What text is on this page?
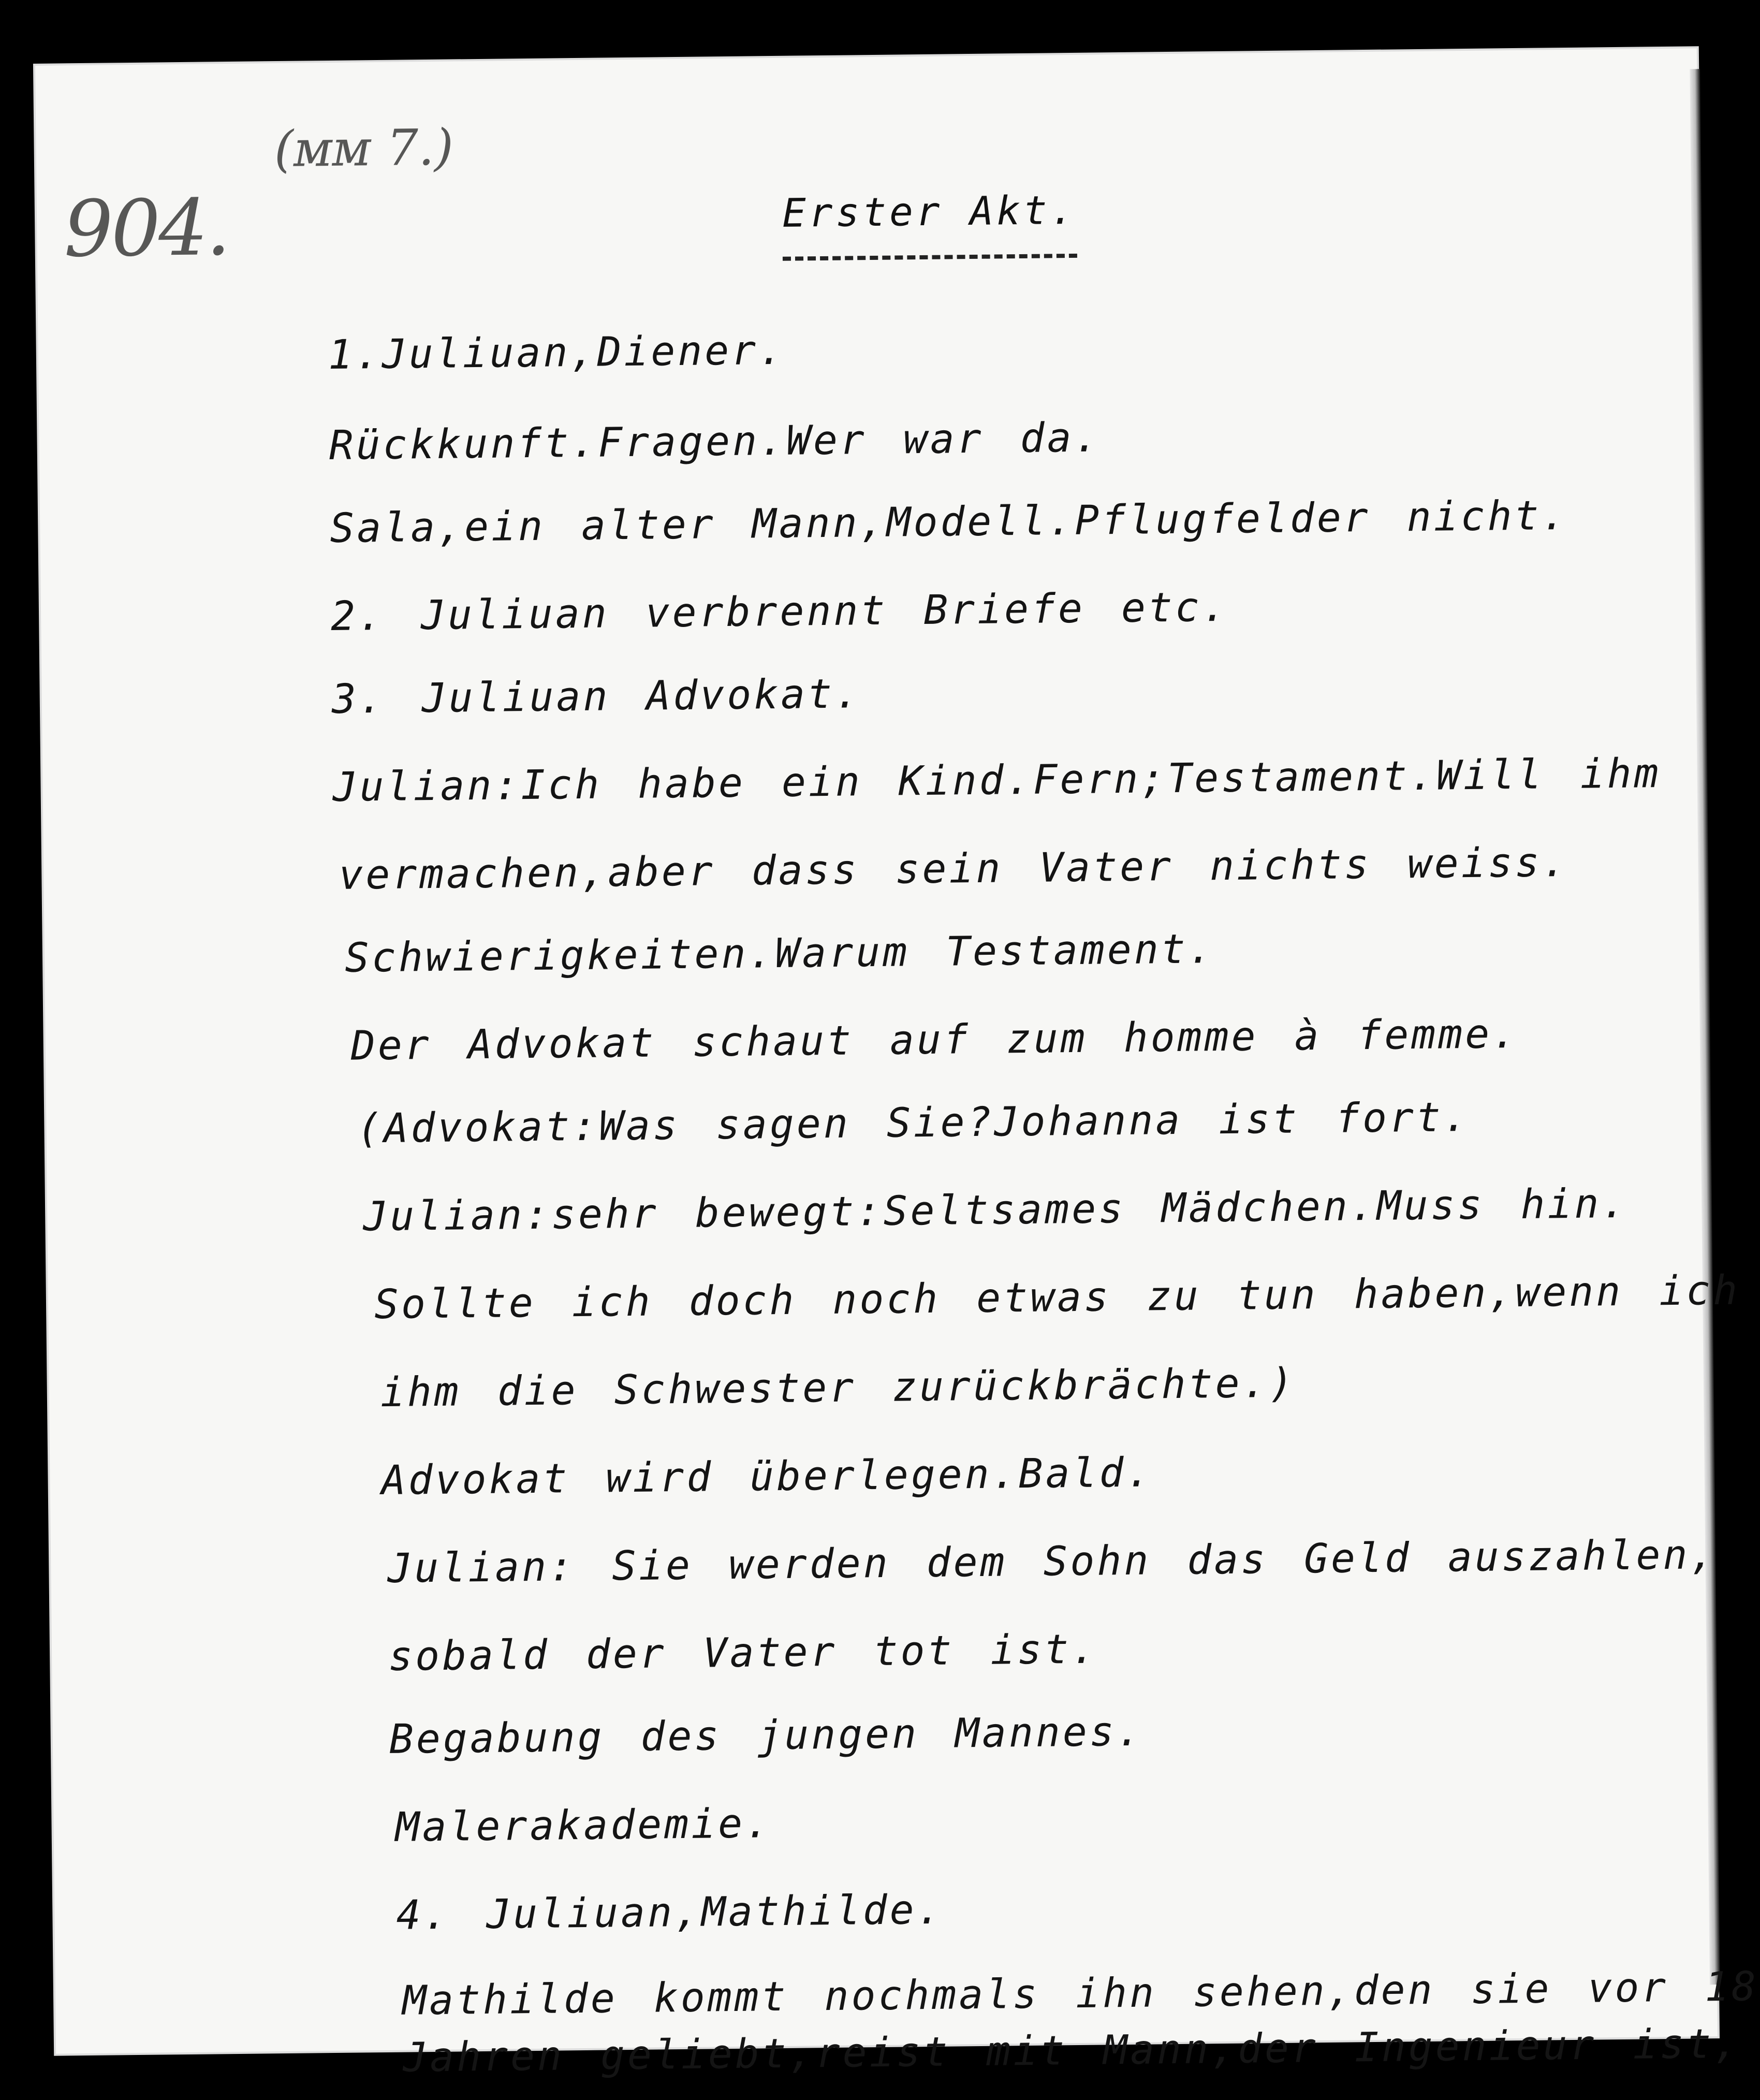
(ᴍᴍ 7.)
904.	Erster Akt.
1.Juliuan,Diener.
Rückkunft.Fragen.Wer war da.
Sala,ein alter Mann,Modell.Pflugfelder nicht.
2. Juliuan verbrennt Briefe etc.
3. Juliuan Advokat.
Julian:Ich habe ein Kind.Fern;Testament.Will ihm
vermachen,aber dass sein Vater nichts weiss.
Schwierigkeiten.Warum Testament.
Der Advokat schaut auf zum homme à femme.
(Advokat:Was sagen Sie?Johanna ist fort.
Julian:sehr bewegt:Seltsames Mädchen.Muss hin.
Sollte ich doch noch etwas zu tun haben,wenn ich
ihm die Schwester zurückbrächte.)
Advokat wird überlegen.Bald.
Julian: Sie werden dem Sohn das Geld auszahlen,
sobald der Vater tot ist.
Begabung des jungen Mannes.
Malerakademie.
4. Juliuan,Mathilde.
Mathilde kommt nochmals ihn sehen,den sie vor 18
Jahren geliebt,reist mit Mann,der Ingenieur ist,
